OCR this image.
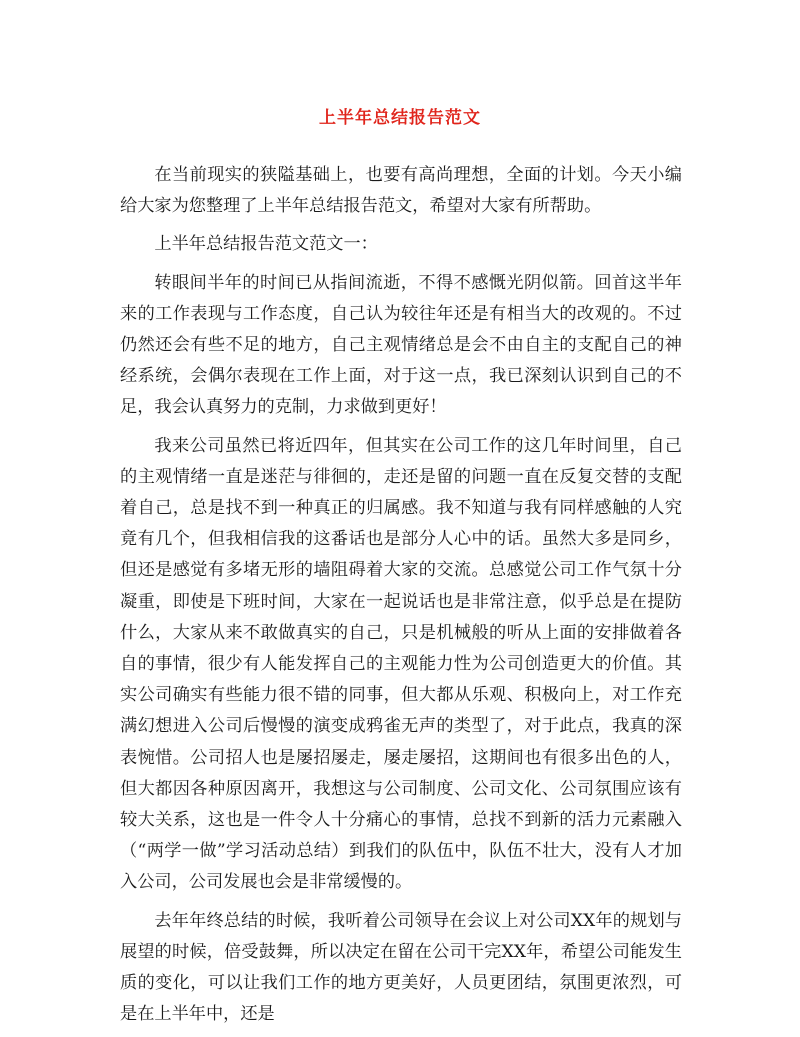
上半年总结报告范文

在当前现实的狭隘基础上，也要有高尚理想，全面的计划。今天小编给大家为您整理了上半年总结报告范文，希望对大家有所帮助。

上半年总结报告范文范文一：

转眼间半年的时间已从指间流逝，不得不感慨光阴似箭。回首这半年来的工作表现与工作态度，自己认为较往年还是有相当大的改观的。不过仍然还会有些不足的地方，自己主观情绪总是会不由自主的支配自己的神经系统，会偶尔表现在工作上面，对于这一点，我已深刻认识到自己的不足，我会认真努力的克制，力求做到更好！

我来公司虽然已将近四年，但其实在公司工作的这几年时间里，自己的主观情绪一直是迷茫与徘徊的，走还是留的问题一直在反复交替的支配着自己，总是找不到一种真正的归属感。我不知道与我有同样感触的人究竟有几个，但我相信我的这番话也是部分人心中的话。虽然大多是同乡，但还是感觉有多堵无形的墙阻碍着大家的交流。总感觉公司工作气氛十分凝重，即使是下班时间，大家在一起说话也是非常注意，似乎总是在提防什么，大家从来不敢做真实的自己，只是机械般的听从上面的安排做着各自的事情，很少有人能发挥自己的主观能力性为公司创造更大的价值。其实公司确实有些能力很不错的同事，但大都从乐观、积极向上，对工作充满幻想进入公司后慢慢的演变成鸦雀无声的类型了，对于此点，我真的深表惋惜。公司招人也是屡招屡走，屡走屡招，这期间也有很多出色的人，但大都因各种原因离开，我想这与公司制度、公司文化、公司氛围应该有较大关系，这也是一件令人十分痛心的事情，总找不到新的活力元素融入（“两学一做”学习活动总结）到我们的队伍中，队伍不壮大，没有人才加入公司，公司发展也会是非常缓慢的。

去年年终总结的时候，我听着公司领导在会议上对公司XX年的规划与展望的时候，倍受鼓舞，所以决定在留在公司干完XX年，希望公司能发生质的变化，可以让我们工作的地方更美好，人员更团结，氛围更浓烈，可是在上半年中，还是
